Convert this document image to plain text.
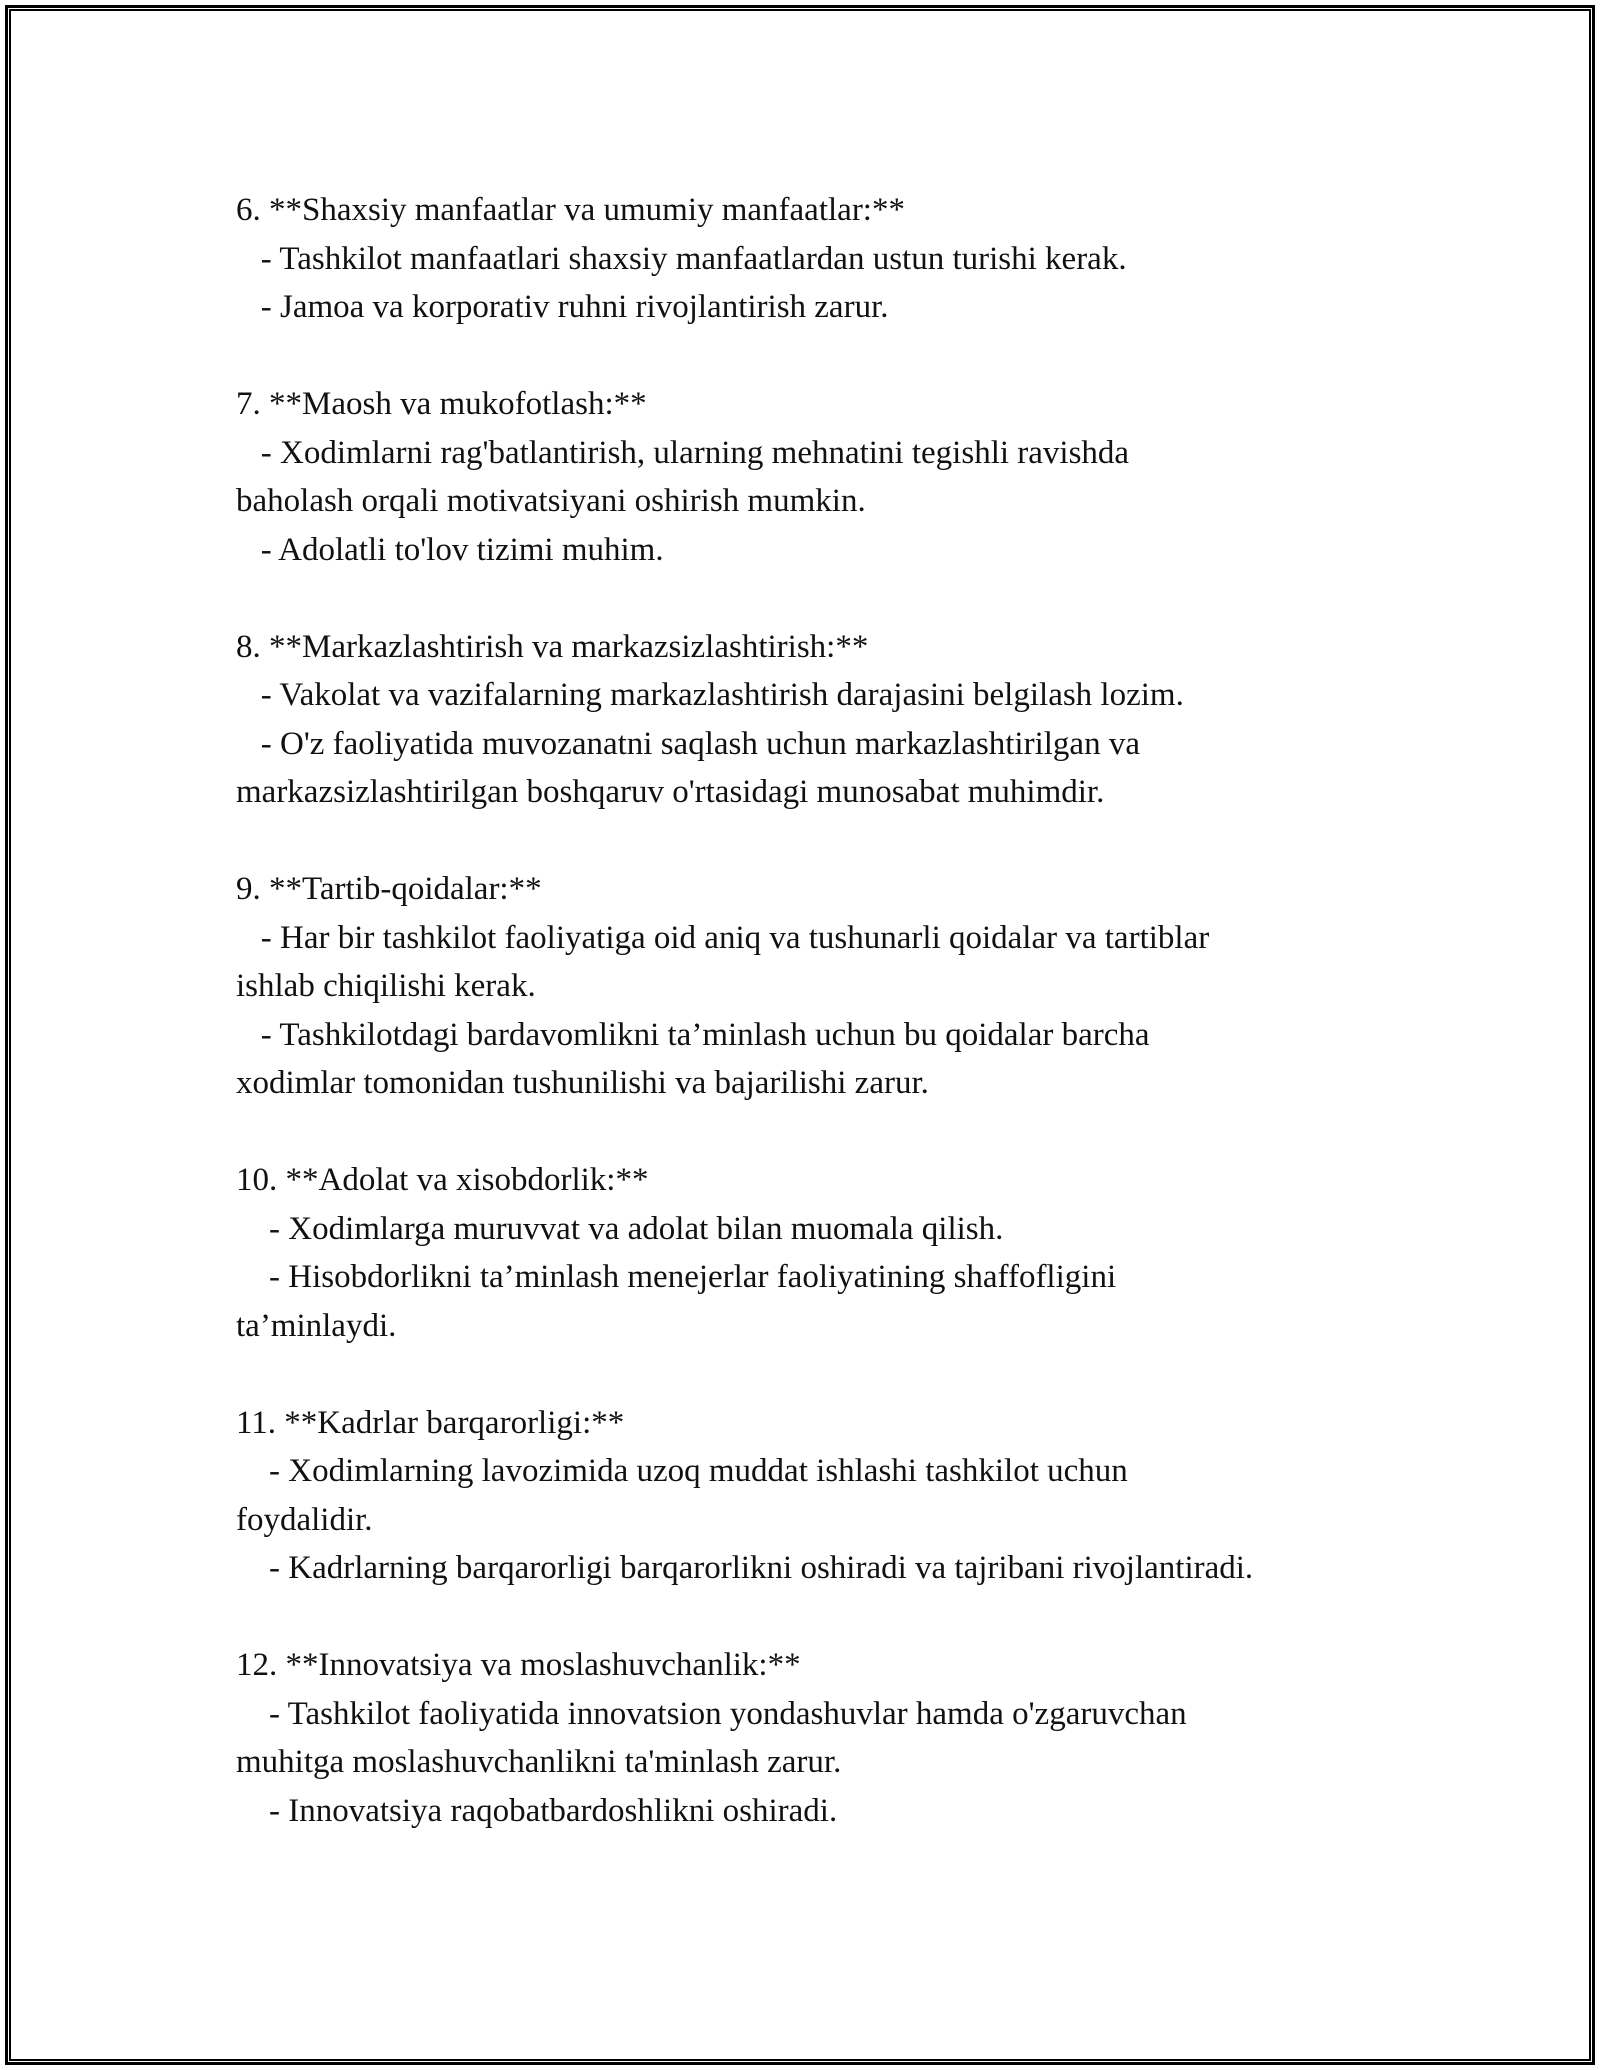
6. **Shaxsiy manfaatlar va umumiy manfaatlar:**
- Tashkilot manfaatlari shaxsiy manfaatlardan ustun turishi kerak.
- Jamoa va korporativ ruhni rivojlantirish zarur.
7. **Maosh va mukofotlash:**
- Xodimlarni rag'batlantirish, ularning mehnatini tegishli ravishda
baholash orqali motivatsiyani oshirish mumkin.
- Adolatli to'lov tizimi muhim.
8. **Markazlashtirish va markazsizlashtirish:**
- Vakolat va vazifalarning markazlashtirish darajasini belgilash lozim.
- O'z faoliyatida muvozanatni saqlash uchun markazlashtirilgan va
markazsizlashtirilgan boshqaruv o'rtasidagi munosabat muhimdir.
9. **Tartib-qoidalar:**
- Har bir tashkilot faoliyatiga oid aniq va tushunarli qoidalar va tartiblar
ishlab chiqilishi kerak.
- Tashkilotdagi bardavomlikni ta’minlash uchun bu qoidalar barcha
xodimlar tomonidan tushunilishi va bajarilishi zarur.
10. **Adolat va xisobdorlik:**
- Xodimlarga muruvvat va adolat bilan muomala qilish.
- Hisobdorlikni ta’minlash menejerlar faoliyatining shaffofligini
ta’minlaydi.
11. **Kadrlar barqarorligi:**
- Xodimlarning lavozimida uzoq muddat ishlashi tashkilot uchun
foydalidir.
- Kadrlarning barqarorligi barqarorlikni oshiradi va tajribani rivojlantiradi.
12. **Innovatsiya va moslashuvchanlik:**
- Tashkilot faoliyatida innovatsion yondashuvlar hamda o'zgaruvchan
muhitga moslashuvchanlikni ta'minlash zarur.
- Innovatsiya raqobatbardoshlikni oshiradi.
